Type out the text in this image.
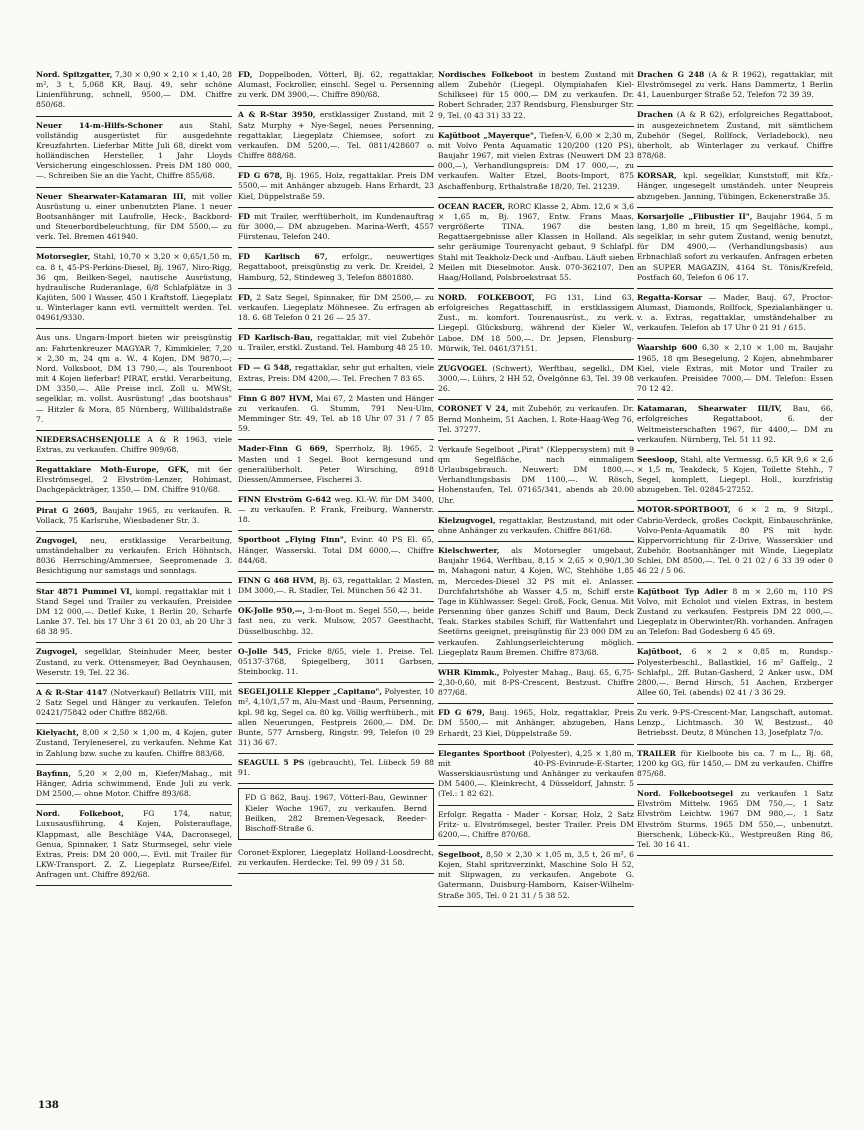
Nord. Spitzgatter, 7,30 × 0,90 × 2,10 × 1,40, 28 m², 3 t, 5,068 KR, Bauj. 49, sehr schöne Linienführung, schnell, 9500,— DM. Chiffre 850/68.

Neuer 14-m-Hilfs-Schoner aus Stahl, vollständig ausgerüstet für ausgedehnte Kreuzfahrten. Lieferbar Mitte Juli 68, direkt vom holländischen Hersteller, 1 Jahr Lloyds Versicherung eingeschlossen. Preis DM 180 000,—. Schreiben Sie an die Yacht, Chiffre 855/68.

Neuer Shearwater-Katamaran III, mit voller Ausrüstung u. einer unbenutzten Plane. 1 neuer Bootsanhänger mit Laufrolle, Heck-, Backbord- und Steuerbordbeleuchtung, für DM 5500,— zu verk. Tel. Bremen 461940.

Motorsegler, Stahl, 10,70 × 3,20 × 0,65/1,50 m, ca. 8 t, 45-PS-Perkins-Diesel, Bj. 1967, Niro-Rigg, 36 qm, Beilken-Segel, nautische Ausrüstung, hydraulische Ruderanlage, 6/8 Schlafplätze in 3 Kajüten, 500 l Wasser, 450 l Kraftstoff. Liegeplatz u. Winterlager kann evtl. vermittelt werden. Tel. 04961/9330.

Aus uns. Ungarn-Import bieten wir preisgünstig an: Fahrtenkreuzer MAGYAR 7, Kimmkieler, 7,20 × 2,30 m, 24 qm a. W., 4 Kojen, DM 9870,—; Nord. Volksboot, DM 13 790,—, als Tourenboot mit 4 Kojen lieferbar! PIRAT, erstkl. Verarbeitung, DM 3350,—. Alle Preise incl. Zoll u. MWSt, segelklar, m. vollst. Ausrüstung! „das bootshaus" — Hitzler & Mora, 85 Nürnberg, Willibaldstraße 7.

NIEDERSACHSENJOLLE A & R 1963, viele Extras, zu verkaufen. Chiffre 909/68.

Regattaklare Moth-Europe, GFK, mit 6er Elvströmsegel, 2 Elvström-Lenzer, Hohimast, Dachgepäckträger, 1350,— DM. Chiffre 910/68.

Pirat G 2605, Baujahr 1965, zu verkaufen. R. Vollack, 75 Karlsruhe, Wiesbadener Str. 3.

Zugvogel, neu, erstklassige Verarbeitung, umständehalber zu verkaufen. Erich Höhntsch, 8036 Herrsching/Ammersee, Seepromenade 3. Besichtigung nur samstags und sonntags.

Star 4871 Pummel VI, kompl. regattaklar mit 1 Stand Segel und Trailer zu verkaufen. Preisidee DM 12 000,—. Detlef Kuke, 1 Berlin 20, Scharfe Lanke 37. Tel. bis 17 Uhr 3 61 20 03, ab 20 Uhr 3 68 38 95.

Zugvogel, segelklar, Steinhuder Meer, bester Zustand, zu verk. Ottensmeyer, Bad Oeynhausen, Weserstr. 19, Tel. 22 36.

A & R-Star 4147 (Notverkauf) Bellatrix VIII, mit 2 Satz Segel und Hänger zu verkaufen. Telefon 02421/75842 oder Chiffre 882/68.

Kielyacht, 8,00 × 2,50 × 1,00 m, 4 Kojen, guter Zustand, Teryleneseгel, zu verkaufen. Nehme Kat in Zahlung bzw. suche zu kaufen. Chiffre 883/68.

Bayfinn, 5,20 × 2,00 m, Kiefer/Mahag., mit Hänger, Adria schwimmend, Ende Juli zu verk. DM 2500,— ohne Motor. Chiffre 893/68.

Nord. Folkeboot,	FG 174, natur, Luxusausführung, 4 Kojen, Polsterauflage, Klappmast, alle Beschläge V4A, Dacronsegel, Genua, Spinnaker, 1 Satz Sturmsegel, sehr viele Extras, Preis: DM 20 000,—. Evtl. mit Trailer für LKW-Transport. Z. Z. Liegeplatz Rursee/Eifel. Anfragen unt. Chiffre 892/68.

FD, Doppelboden, Vötterl, Bj. 62, regattaklar, Alumast, Fockroller, einschl. Segel u. Persenning zu verk. DM 3900,—. Chiffre 890/68.

A & R-Star 3950, erstklassiger Zustand, mit 2 Satz Murphy + Nye-Segel, neues Persenning, regattaklar, Liegeplatz Chiemsee, sofort zu verkaufen. DM 5200,—. Tel. 0811/428607 o. Chiffre 888/68.

FD G 678, Bj. 1965, Holz, regattaklar. Preis DM 5500,— mit Anhänger abzugeb. Hans Erhardt, 23 Kiel, Düppelstraße 59.

FD mit Trailer, werftüberholt, im Kundenauftrag für 3000,— DM abzugeben. Marina-Werft, 4557 Fürstenau, Telefon 240.

FD Karlisch 67, erfolgr., neuwertiges Regattaboot, preisgünstig zu verk. Dr. Kreidel, 2 Hamburg, 52, Stindeweg 3, Telefon 8801880.

FD, 2 Satz Segel, Spinnaker, für DM 2500,— zu verkaufen. Liegeplatz Möhnesee. Zu erfragen ab 18. 6. 68 Telefon 0 21 26 — 25 37.

FD Karlisch-Bau, regattaklar, mit viel Zubehör u. Trailer, erstkl. Zustand. Tel. Hamburg 48 25 10.

FD — G 548, regattaklar, sehr gut erhalten, viele Extras, Preis: DM 4200,—. Tel. Frechen 7 83 65.

Finn G 807 HVM, Mai 67, 2 Masten und Hänger zu verkaufen. G. Stumm, 791 Neu-Ulm, Memminger Str. 49, Tel. ab 18 Uhr 07 31 / 7 85 59.

Mader-Finn G 669, Sperrholz, Bj. 1965, 2 Masten und 1 Segel. Boot kerngesund und generalüberholt. Peter Wirsching, 8918 Diessen/Ammersee, Fischerei 3.

FINN Elvström G-642 weg. Kl.-W. für DM 3400,— zu verkaufen. P. Frank, Freiburg, Wannerstr. 18.

Sportboot „Flying Finn", Evinr. 40 PS El. 65, Hänger, Wasserski. Total DM 6000,—. Chiffre 844/68.

FINN G 468 HVM, Bj. 63, regattaklar, 2 Masten, DM 3000,—. R. Stadler, Tel. München 56 42 31.

OK-Jolle 950,—, 3-m-Boot m. Segel 550,—, beide fast neu, zu verk. Mulsow, 2057 Geesthacht, Düsselbuschbg. 32.

O-Jolle 545, Fricke 8/65, viele 1. Preise. Tel. 05137-3768, Spiegelberg, 3011 Garbsen, Steinbockg. 11.

SEGELJOLLE Klepper „Capitano", Polyester, 10 m², 4,10/1,57 m, Alu-Mast und -Baum, Persenning, kpl. 98 kg, Segel ca. 80 kg. Völlig werftüberh., mit allen Neuerungen, Festpreis 2600,— DM. Dr. Bunte, 577 Arnsberg, Ringstr. 99, Telefon (0 29 31) 36 67.

SEAGULL 5 PS (gebraucht), Tel. Lübeck 59 88 91.

FD G 862, Bauj. 1967, Vötterl-Bau, Gewinner Kieler Woche 1967, zu verkaufen. Bernd Beilken, 282 Bremen-Vegesack, Reeder-Bischoff-Straße 6.

Coronet-Explorer, Liegeplatz Holland-Loosdrecht, zu verkaufen. Herdecke: Tel. 99 09 / 31 58.

Nordisches Folkeboot in bestem Zustand mit allem Zubehör (Liegepl. Olympiahafen Kiel-Schilksee) für 15 000,— DM zu verkaufen. Dr. Robert Schrader, 237 Rendsburg, Flensburger Str. 9, Tel. (0 43 31) 33 22.

Kajütboot „Mayerque", Tiefen-V, 6,00 × 2,30 m, mit Volvo Penta Aquamatic 120/200 (120 PS), Baujahr 1967, mit vielen Extras (Neuwert DM 23 000,—), Verhandlungspreis: DM 17 000,—, zu verkaufen. Walter Etzel, Boots-Import, 875 Aschaffenburg, Erthalstraße 18/20, Tel. 21239.

OCEAN RACER, RORC Klasse 2, Abm. 12,6 × 3,6 × 1,65 m, Bj. 1967, Entw. Frans Maas, vergrößerte TINA. 1967 die besten Regattaergebnisse aller Klassen in Holland. Als sehr geräumige Tourenyacht gebaut, 9 Schlafpl. Stahl mit Teakholz-Deck und -Aufbau. Läuft sieben Meilen mit Dieselmotor. Ausk. 070-362107, Den Haag/Holland, Polsbroekstraat 55.

NORD. FOLKEBOOT, FG 131, Lind 63, erfolgreiches Regattaschiff, in erstklassigem Zust., m. komfort. Tourenausrüst., zu verk. Liegepl. Glücksburg, während der Kieler W., Laboe. DM 18 500,—. Dr. Jepsen, Flensburg-Mürwik, Tel. 0461/37151.

ZUGVOGEL (Schwert), Werftbau, segelkl., DM 3000,—. Lührs, 2 HH 52, Övelgönne 63, Tel. 39 08 26.

CORONET V 24, mit Zubehör, zu verkaufen. Dr. Bernd Monheim, 51 Aachen, I. Rote-Haag-Weg 76, Tel. 37277.

Verkaufe Segelboot „Pirat" (Kleppersystem) mit 9 qm Segelfläche, nach einmaligem Urlaubsgebrauch. Neuwert: DM 1800,—. Verhandlungsbasis DM 1100,—. W. Rösch, Hohenstaufen, Tel. 07165/341, abends ab 20.00 Uhr.

Kielzugvogel, regattaklar, Bestzustand, mit oder ohne Anhänger zu verkaufen. Chiffre 861/68.

Kielschwerter, als Motorsegler umgebaut, Baujahr 1964, Werftbau, 8,15 × 2,65 × 0,90/1,30 m, Mahagoni natur, 4 Kojen, WC, Stehhöhe 1,85 m, Mercedes-Diesel 32 PS mit el. Anlasser. Durchfahrtshöhe ab Wasser 4,5 m, Schiff erste Tage in Kühlwasser. Segel: Groß, Fock, Genua. Mit Persenning über ganzes Schiff und Baum, Deck Teak. Starkes stabiles Schiff, für Wattenfahrt und Seetörns geeignet, preisgünstig für 23 000 DM zu verkaufen. Zahlungserleichterung möglich. Liegeplatz Raum Bremen. Chiffre 873/68.

WHR Kimmk., Polyester Mahag., Bauj. 65, 6,75-2,30-0,60, mit 8-PS-Crescent, Bestzust. Chiffre 877/68.

FD G 679, Bauj. 1965, Holz, regattaklar, Preis DM 5500,— mit Anhänger, abzugeben, Hans Erhardt, 23 Kiel, Düppelstraße 59.

Elegantes Sportboot (Polyester), 4,25 × 1,80 m, mit 40-PS-Evinrude-E-Starter, Wasserskiausrüstung und Anhänger zu verkaufen DM 5400,—. Kleinkrecht, 4 Düsseldorf, Jahnstr. 5 (Tel.: 1 82 62).

Erfolgr. Regatta - Mader - Korsar, Holz, 2 Satz Fritz- u. Elvströmsegel, bester Trailer. Preis DM 6200,—. Chiffre 870/68.

Segelboot, 8,50 × 2,30 × 1,05 m, 3,5 t, 26 m², 6 Kojen, Stahl spritzverzinkt, Maschine Solo H 52, mit Slipwagen, zu verkaufen. Angebote G. Gatermann, Duisburg-Hamborn, Kaiser-Wilhelm-Straße 305, Tel. 0 21 31 / 5 38 52.

Drachen G 248 (A & R 1962), regattaklar, mit Elvströmsegel zu verk. Hans Dammertz, 1 Berlin 41, Lauenburger Straße 52, Telefon 72 39 39.

Drachen (A & R 62), erfolgreiches Regattaboot, in ausgezeichnetem Zustand, mit sämtlichem Zubehör (Segel, Rollfock, Verladebock), neu überholt, ab Winterlager zu verkauf. Chiffre 878/68.

KORSAR, kpl. segelklar, Kunststoff, mit Kfz.-Hänger, ungesegelt umständeh. unter Neupreis abzugeben. Janning, Tübingen, Eckenerstraße 35.

Korsarjolle „Flibustier II", Baujahr 1964, 5 m lang, 1,80 m breit, 15 qm Segelfläche, kompl., segelklar, in sehr gutem Zustand, wenig benutzt, für DM 4900,— (Verhandlungsbasis) aus Erbnachlaß sofort zu verkaufen. Anfragen erbeten an SUPER MAGAZIN, 4164 St. Tönis/Krefeld, Postfach 60, Telefon 6 06 17.

Regatta-Korsar — Mader, Bauj. 67, Proctor-Alumast, Diamonds, Rollfock, Spezialanhänger u. v. a. Extras, regattaklar, umständehalber zu verkaufen. Telefon ab 17 Uhr 0 21 91 / 615.

Waarship 600 6,30 × 2,10 × 1,00 m, Baujahr 1965, 18 qm Besegelung, 2 Kojen, abnehmbarer Kiel, viele Extras, mit Motor und Trailer zu verkaufen. Preisidee 7000,— DM. Telefon: Essen 70 12 42.

Katamaran, Shearwater III/IV, Bau, 66, erfolgreiches Regattaboot, 6. der Weltmeisterschaften 1967, für 4400,— DM zu verkaufen. Nürnberg, Tel. 51 11 92.

Seeslоop, Stahl, alte Vermessg. 6,5 KR 9,6 × 2,6 × 1,5 m, Teakdeck, 5 Kojen, Toilette Stehh., 7 Segel, komplett, Liegepl. Holl., kurzfristig abzugeben. Tel. 02845-27252.

MOTOR-SPORTBOOT, 6 × 2 m, 9 Sitzpl., Cabrio-Verdeck, großes Cockpit, Einbauschränke, Volvo-Penta-Aquamatik 80 PS mit hydr. Kippervorrichtung für Z-Drive, Wasserskier und Zubehör, Bootsanhänger mit Winde, Liegeplatz Schlei, DM 8500,—. Tel. 0 21 02 / 6 33 39 oder 0 46 22 / 5 06.

Kajütboot Typ Adler 8 m × 2,60 m, 110 PS Volvo, mit Echolot und vielen Extras, in bestem Zustand zu verkaufen. Festpreis DM 22 000,—. Liegeplatz in Oberwinter/Rh. vorhanden. Anfragen an Telefon: Bad Godesberg 6 45 69.

Kajütboot, 6 × 2 × 0,85 m, Rundsp.-Polyesterbeschl., Ballastkiel, 16 m² Gaffelg., 2 Schlafpl., 2ff. Butan-Gasherd, 2 Anker usw., DM 2800,—. Bernd Hirsch, 51 Aachen, Erzberger Allee 60, Tel. (abends) 02 41 / 3 36 29.

Zu verk. 9-PS-Crescent-Mar, Langschaft, automat. Lenzp., Lichtmasch. 30 W, Bestzust., 40 Betriebsst. Deutz, 8 München 13, Josefplatz 7/o.

TRAILER für Kielboote bis ca. 7 m L., Bj. 68, 1200 kg GG, für 1450,— DM zu verkaufen. Chiffre 875/68.

Nord. Folkebootsegel zu verkaufen 1 Satz Elvström Mittelw. 1965 DM 750,—, 1 Satz Elvström Leichtw. 1967 DM 980,—, 1 Satz Elvström Sturms. 1965 DM 550,—, unbenutzt. Bierschenk, Lübeck-Kü., Westpreußen Ring 86, Tel. 30 16 41.

138
